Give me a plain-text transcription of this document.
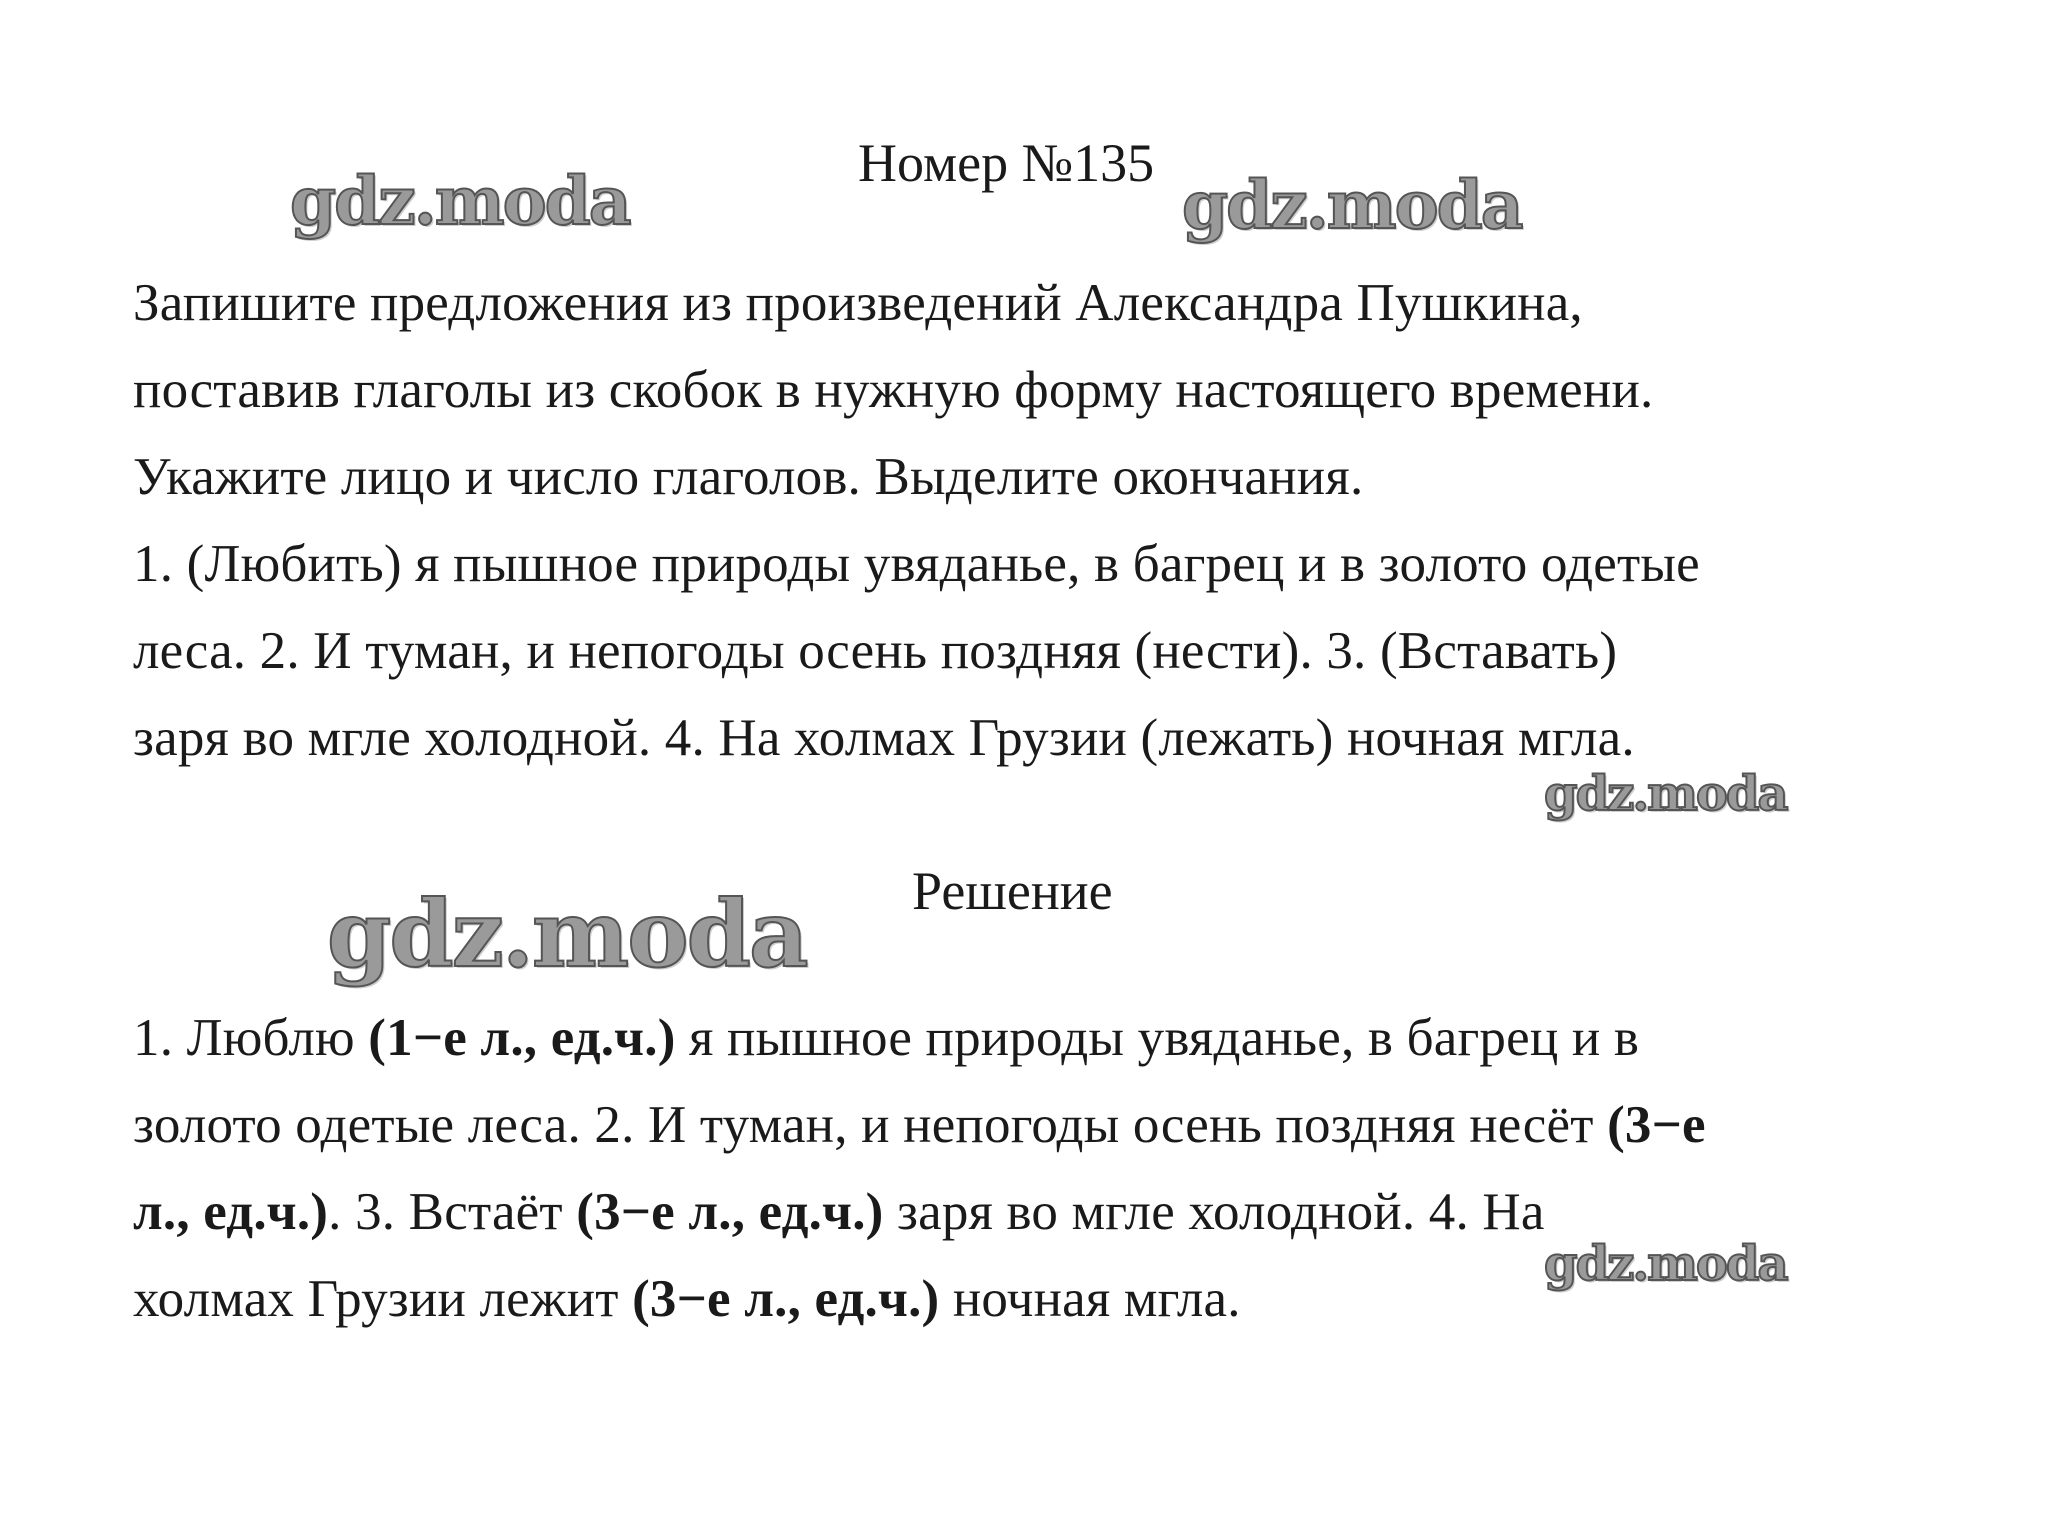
Номер №135
Запишите предложения из произведений Александра Пушкина,
поставив глаголы из скобок в нужную форму настоящего времени.
Укажите лицо и число глаголов. Выделите окончания.
1. (Любить) я пышное природы увяданье, в багрец и в золото одетые
леса. 2. И туман, и непогоды осень поздняя (нести). 3. (Вставать)
заря во мгле холодной. 4. На холмах Грузии (лежать) ночная мгла.
Решение
1. Люблю (1−е л., ед.ч.) я пышное природы увяданье, в багрец и в
золото одетые леса. 2. И туман, и непогоды осень поздняя несёт (3−е
л., ед.ч.). 3. Встаёт (3−е л., ед.ч.) заря во мгле холодной. 4. На
холмах Грузии лежит (3−е л., ед.ч.) ночная мгла.
gdz.moda	gdz.moda
gdz.moda
gdz.moda
gdz.moda
